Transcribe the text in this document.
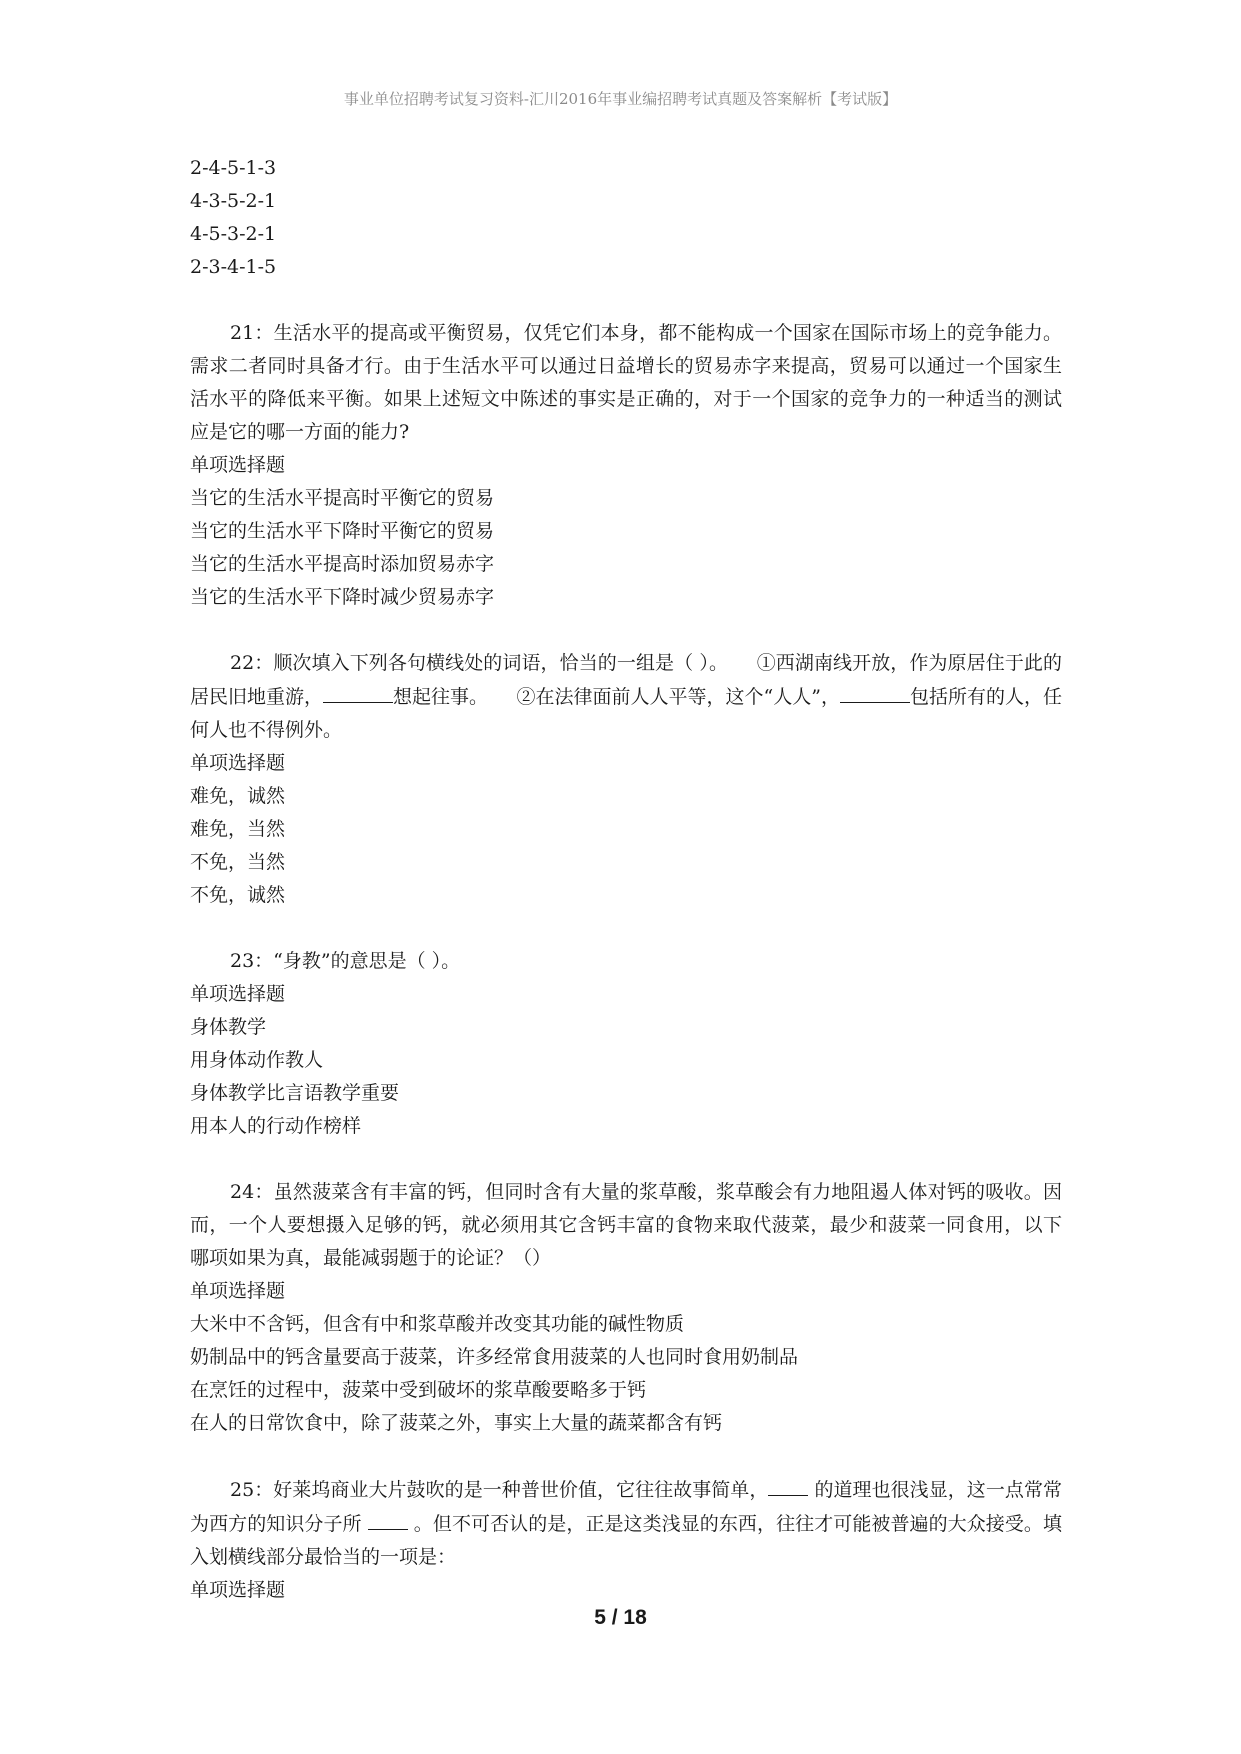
事业单位招聘考试复习资料-汇川2016年事业编招聘考试真题及答案解析【考试版】
2-4-5-1-3
4-3-5-2-1
4-5-3-2-1
2-3-4-1-5
21：生活水平的提高或平衡贸易，仅凭它们本身，都不能构成一个国家在国际市场上的竞争能力。需求二者同时具备才行。由于生活水平可以通过日益增长的贸易赤字来提高，贸易可以通过一个国家生活水平的降低来平衡。如果上述短文中陈述的事实是正确的，对于一个国家的竞争力的一种适当的测试应是它的哪一方面的能力?
单项选择题
当它的生活水平提高时平衡它的贸易
当它的生活水平下降时平衡它的贸易
当它的生活水平提高时添加贸易赤字
当它的生活水平下降时减少贸易赤字
22：顺次填入下列各句横线处的词语，恰当的一组是（ ）。　　①西湖南线开放，作为原居住于此的居民旧地重游，	想起往事。　　②在法律面前人人平等，这个“人人”，	包括所有的人，任何人也不得例外。
单项选择题
难免，诚然
难免，当然
不免，当然
不免，诚然
23：“身教”的意思是（ ）。
单项选择题
身体教学
用身体动作教人
身体教学比言语教学重要
用本人的行动作榜样
24：虽然菠菜含有丰富的钙，但同时含有大量的浆草酸，浆草酸会有力地阻遏人体对钙的吸收。因而，一个人要想摄入足够的钙，就必须用其它含钙丰富的食物来取代菠菜，最少和菠菜一同食用，以下哪项如果为真，最能减弱题于的论证？（）
单项选择题
大米中不含钙，但含有中和浆草酸并改变其功能的碱性物质
奶制品中的钙含量要高于菠菜，许多经常食用菠菜的人也同时食用奶制品
在烹饪的过程中，菠菜中受到破坏的浆草酸要略多于钙
在人的日常饮食中，除了菠菜之外，事实上大量的蔬菜都含有钙
25：好莱坞商业大片鼓吹的是一种普世价值，它往往故事简单， 的道理也很浅显，这一点常常为西方的知识分子所  。但不可否认的是，正是这类浅显的东西，往往才可能被普遍的大众接受。填入划横线部分最恰当的一项是：
单项选择题
5 / 18
